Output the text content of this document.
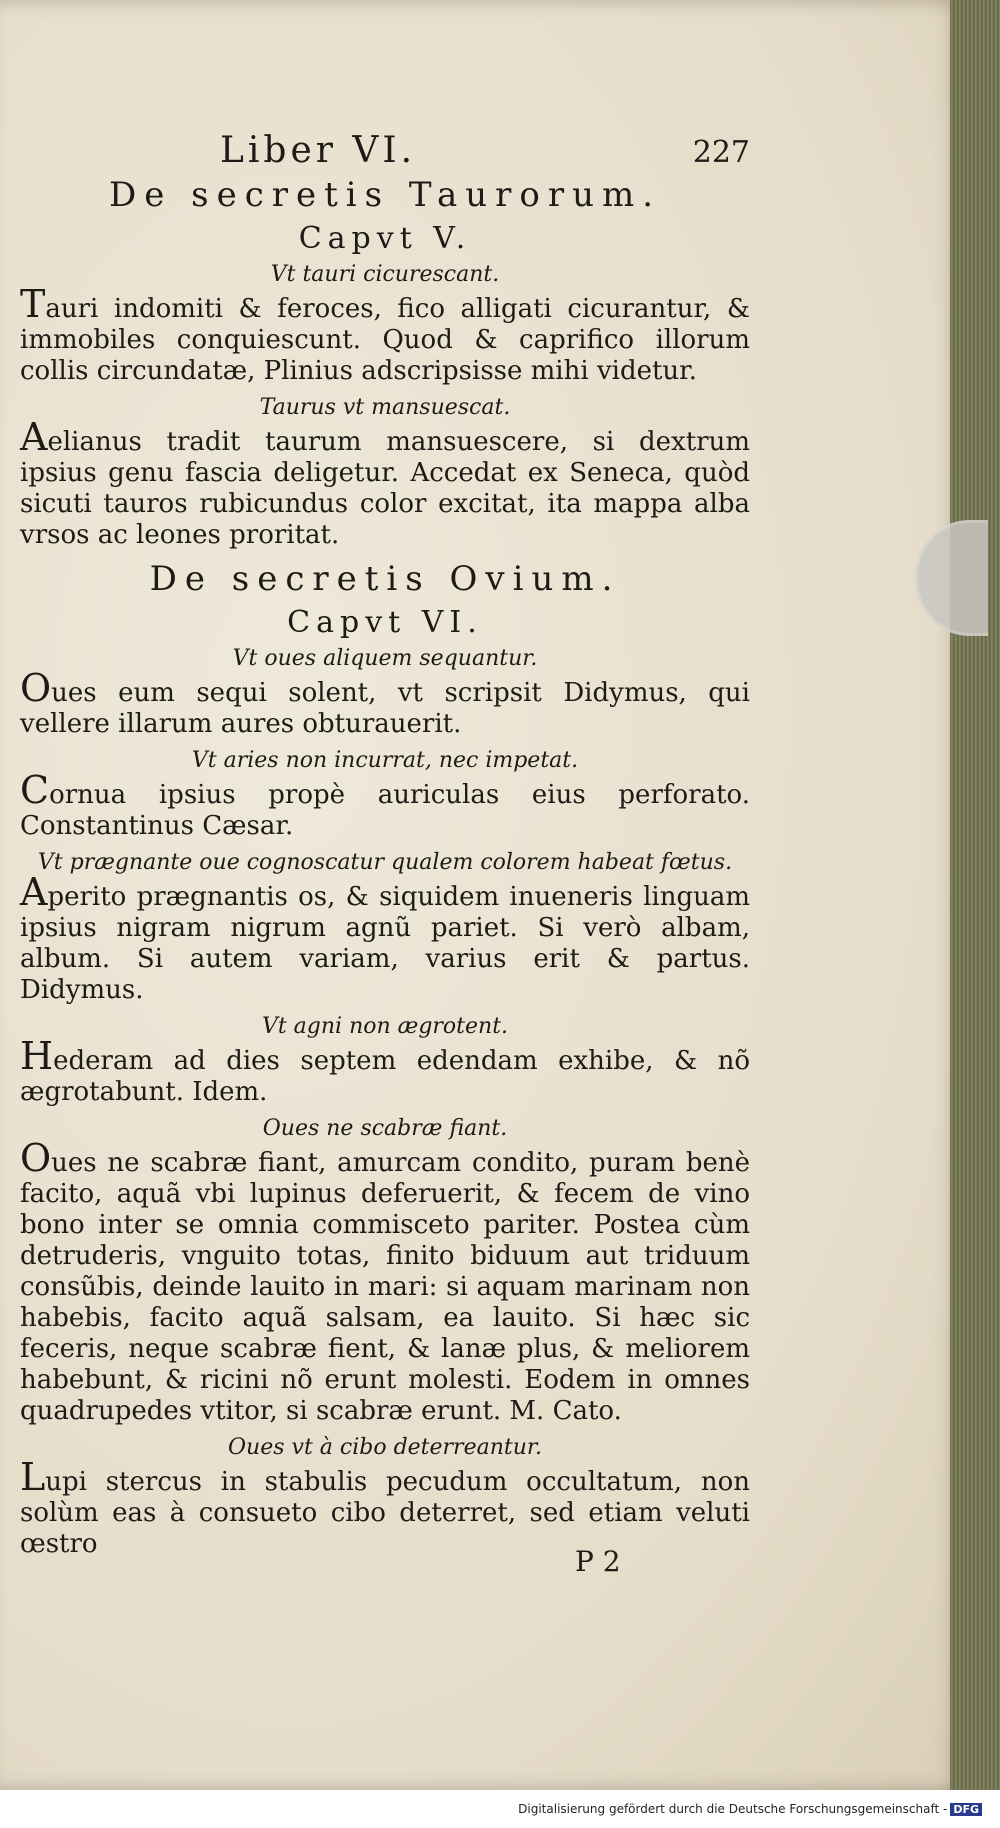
Liber VI.	227
De secretis Taurorum.
Capvt V.
Vt tauri cicurescant.
Tauri indomiti & feroces, fico alligati cicurantur, & immobiles conquiescunt. Quod & caprifico illorum collis circundatæ, Plinius adscripsisse mihi videtur.
Taurus vt mansuescat.
Aelianus tradit taurum mansuescere, si dextrum ipsius genu fascia deligetur. Accedat ex Seneca, quòd sicuti tauros rubicundus color excitat, ita mappa alba vrsos ac leones proritat.
De secretis Ovium.
Capvt VI.
Vt oues aliquem sequantur.
Oues eum sequi solent, vt scripsit Didymus, qui vellere illarum aures obturauerit.
Vt aries non incurrat, nec impetat.
Cornua ipsius propè auriculas eius perforato. Constantinus Cæsar.
Vt prægnante oue cognoscatur qualem colorem habeat fœtus.
Aperito prægnantis os, & siquidem inueneris linguam ipsius nigram nigrum agnũ pariet. Si verò albam, album. Si autem variam, varius erit & partus. Didymus.
Vt agni non ægrotent.
Hederam ad dies septem edendam exhibe, & nõ ægrotabunt. Idem.
Oues ne scabræ fiant.
Oues ne scabræ fiant, amurcam condito, puram benè facito, aquã vbi lupinus deferuerit, & fecem de vino bono inter se omnia commisceto pariter. Postea cùm detruderis, vnguito totas, finito biduum aut triduum consũbis, deinde lauito in mari: si aquam marinam non habebis, facito aquã salsam, ea lauito. Si hæc sic feceris, neque scabræ fient, & lanæ plus, & meliorem habebunt, & ricini nõ erunt molesti. Eodem in omnes quadrupedes vtitor, si scabræ erunt. M. Cato.
Oues vt à cibo deterreantur.
Lupi stercus in stabulis pecudum occultatum, non solùm eas à consueto cibo deterret, sed etiam veluti œstro
P 2
Digitalisierung gefördert durch die Deutsche Forschungsgemeinschaft - DFG
